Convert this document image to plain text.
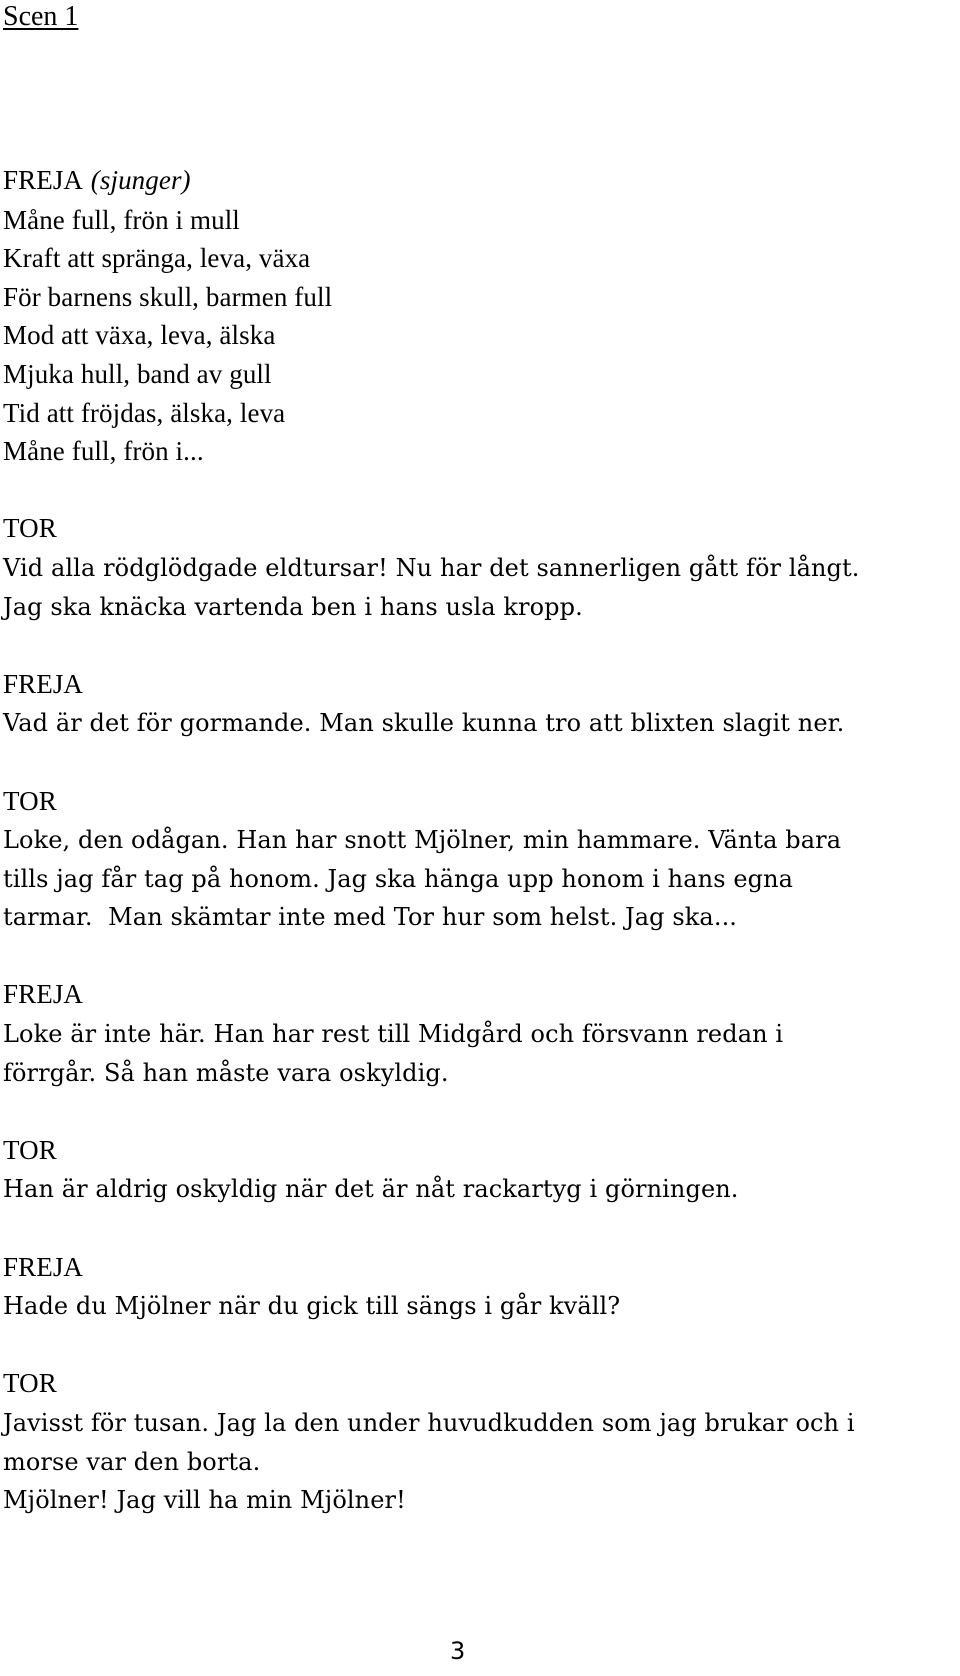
Scen 1
FREJA (sjunger)
Måne full, frön i mull
Kraft att spränga, leva, växa
För barnens skull, barmen full
Mod att växa, leva, älska
Mjuka hull, band av gull
Tid att fröjdas, älska, leva
Måne full, frön i...
TOR
Vid alla rödglödgade eldtursar! Nu har det sannerligen gått för långt.
Jag ska knäcka vartenda ben i hans usla kropp.
FREJA
Vad är det för gormande. Man skulle kunna tro att blixten slagit ner.
TOR
Loke, den odågan. Han har snott Mjölner, min hammare. Vänta bara
tills jag får tag på honom. Jag ska hänga upp honom i hans egna
tarmar.  Man skämtar inte med Tor hur som helst. Jag ska...
FREJA
Loke är inte här. Han har rest till Midgård och försvann redan i
förrgår. Så han måste vara oskyldig.
TOR
Han är aldrig oskyldig när det är nåt rackartyg i görningen.
FREJA
Hade du Mjölner när du gick till sängs i går kväll?
TOR
Javisst för tusan. Jag la den under huvudkudden som jag brukar och i
morse var den borta.
Mjölner! Jag vill ha min Mjölner!
3
